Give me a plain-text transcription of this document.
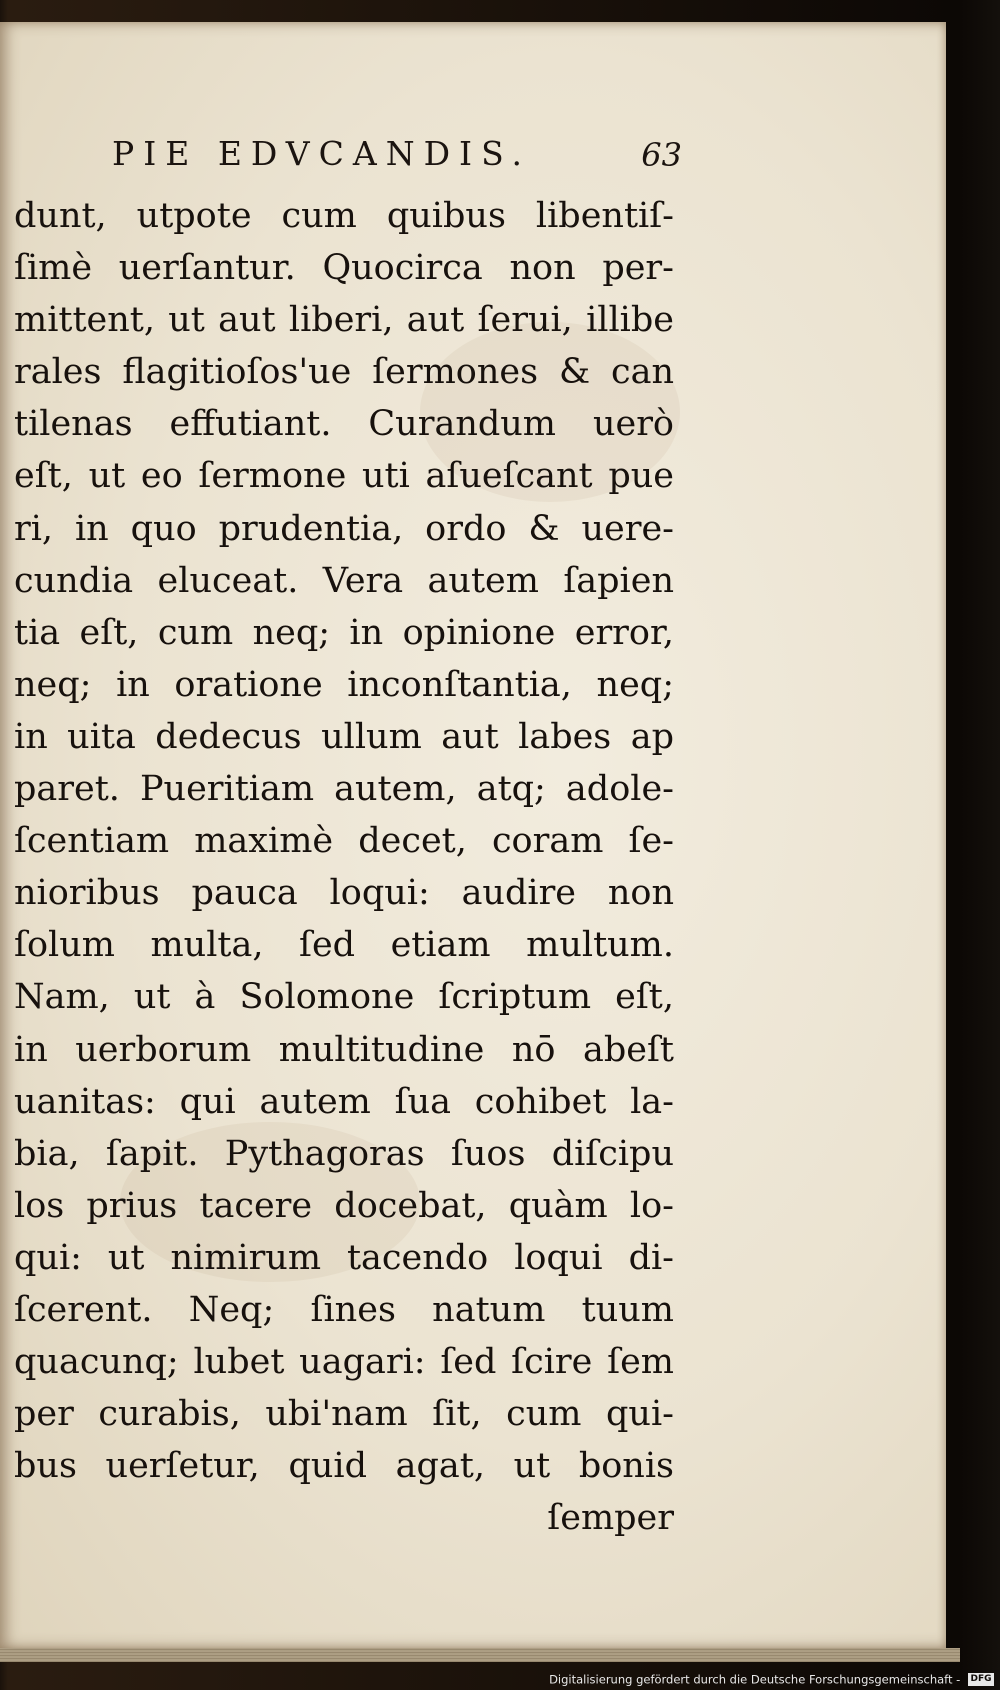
PIE EDVCANDIS.	63
dunt, utpote cum quibus libentiſ-
ſimè uerſantur. Quocirca non per-
mittent, ut aut liberi, aut ſerui, illibe
rales flagitioſos'ue ſermones & can
tilenas effutiant. Curandum uerò
eſt, ut eo ſermone uti aſueſcant pue
ri, in quo prudentia, ordo & uere-
cundia eluceat. Vera autem ſapien
tia eſt, cum neq; in opinione error,
neq; in oratione inconſtantia, neq;
in uita dedecus ullum aut labes ap
paret. Pueritiam autem, atq; adole-
ſcentiam maximè decet, coram ſe-
nioribus pauca loqui: audire non
ſolum multa, ſed etiam multum.
Nam, ut à Solomone ſcriptum eſt,
in uerborum multitudine nō abeſt
uanitas: qui autem ſua cohibet la-
bia, ſapit. Pythagoras ſuos diſcipu
los prius tacere docebat, quàm lo-
qui: ut nimirum tacendo loqui di-
ſcerent. Neq; ſines natum tuum
quacunq; lubet uagari: ſed ſcire ſem
per curabis, ubi'nam ſit, cum qui-
bus uerſetur, quid agat, ut bonis
ſemper
Digitalisierung gefördert durch die Deutsche Forschungsgemeinschaft - DFG
